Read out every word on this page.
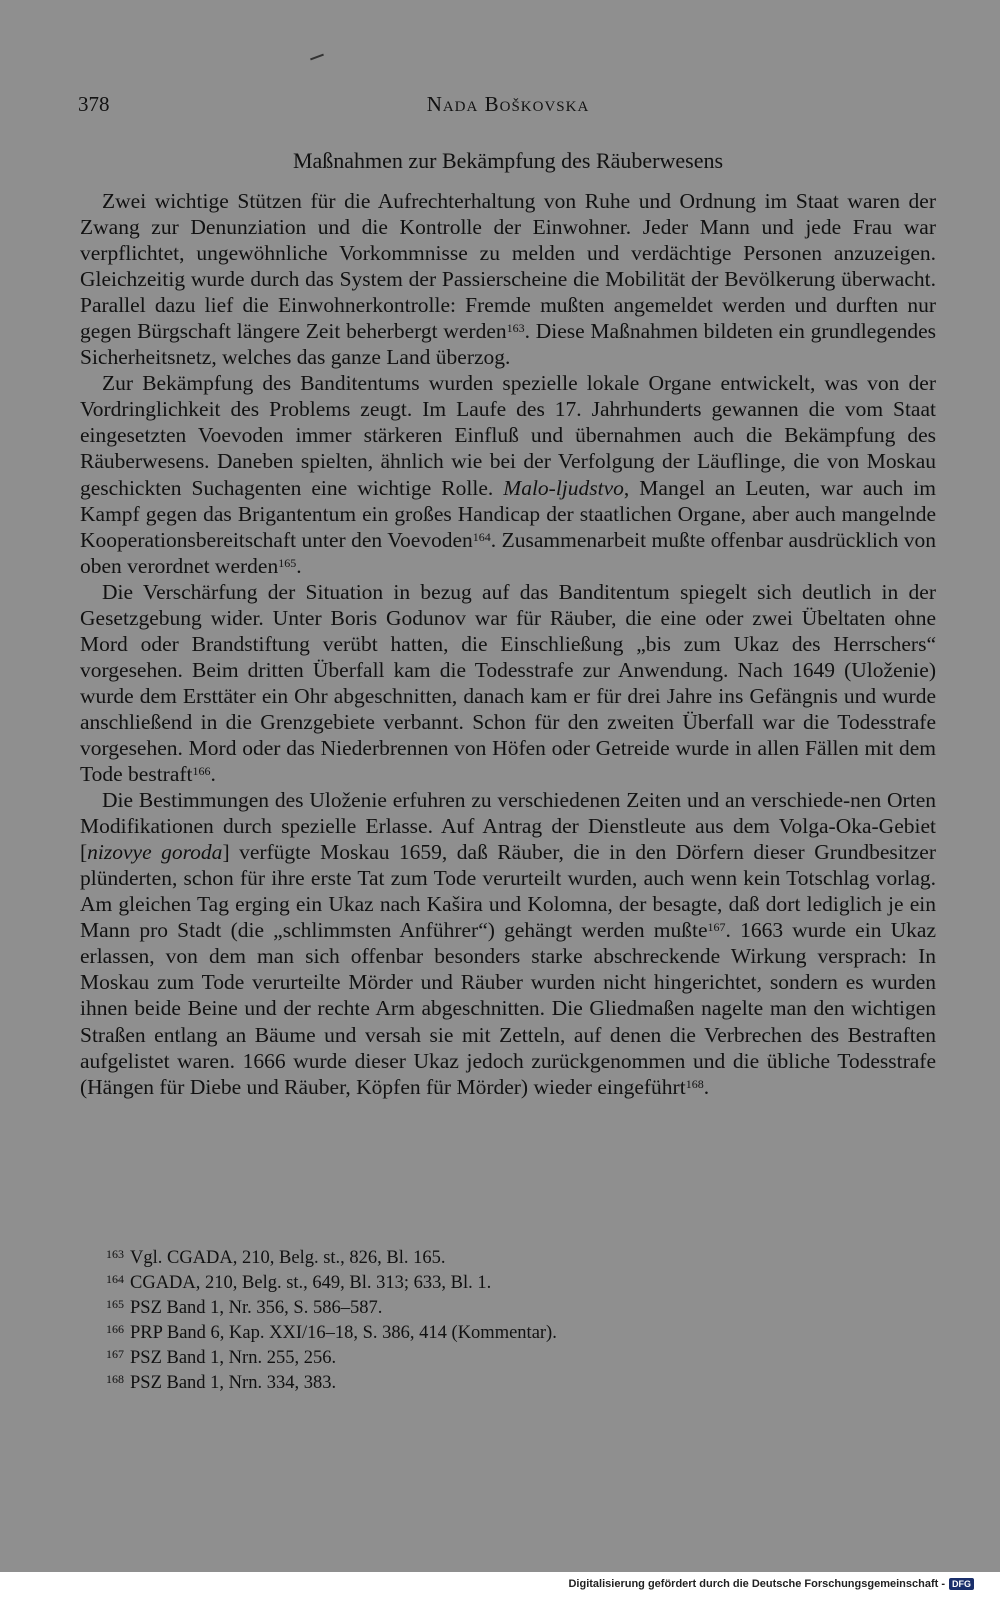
378	Nada Boškovska
Maßnahmen zur Bekämpfung des Räuberwesens

Zwei wichtige Stützen für die Aufrechterhaltung von Ruhe und Ordnung im Staat waren der Zwang zur Denunziation und die Kontrolle der Einwohner. Jeder Mann und jede Frau war verpflichtet, ungewöhnliche Vorkommnisse zu melden und verdächtige Personen anzuzeigen. Gleichzeitig wurde durch das System der Passierscheine die Mobilität der Bevölkerung überwacht. Parallel dazu lief die Einwohnerkontrolle: Fremde mußten angemeldet werden und durften nur gegen Bürgschaft längere Zeit beherbergt werden$^{163}$. Diese Maßnahmen bildeten ein grundlegendes Sicherheitsnetz, welches das ganze Land überzog.

Zur Bekämpfung des Banditentums wurden spezielle lokale Organe entwickelt, was von der Vordringlichkeit des Problems zeugt. Im Laufe des 17. Jahrhunderts gewannen die vom Staat eingesetzten Voevoden immer stärkeren Einfluß und übernahmen auch die Bekämpfung des Räuberwesens. Daneben spielten, ähnlich wie bei der Verfolgung der Läuflinge, die von Moskau geschickten Suchagenten eine wichtige Rolle. Malo-ljudstvo, Mangel an Leuten, war auch im Kampf gegen das Brigantentum ein großes Handicap der staatlichen Organe, aber auch mangelnde Kooperationsbereitschaft unter den Voevoden$^{164}$. Zusammenarbeit mußte offenbar ausdrücklich von oben verordnet werden$^{165}$.

Die Verschärfung der Situation in bezug auf das Banditentum spiegelt sich deutlich in der Gesetzgebung wider. Unter Boris Godunov war für Räuber, die eine oder zwei Übeltaten ohne Mord oder Brandstiftung verübt hatten, die Einschließung „bis zum Ukaz des Herrschers“ vorgesehen. Beim dritten Überfall kam die Todesstrafe zur Anwendung. Nach 1649 (Uloženie) wurde dem Ersttäter ein Ohr abgeschnitten, danach kam er für drei Jahre ins Gefängnis und wurde anschließend in die Grenzgebiete verbannt. Schon für den zweiten Überfall war die Todesstrafe vorgesehen. Mord oder das Niederbrennen von Höfen oder Getreide wurde in allen Fällen mit dem Tode bestraft$^{166}$.

Die Bestimmungen des Uloženie erfuhren zu verschiedenen Zeiten und an verschiede-nen Orten Modifikationen durch spezielle Erlasse. Auf Antrag der Dienstleute aus dem Volga-Oka-Gebiet [nizovye goroda] verfügte Moskau 1659, daß Räuber, die in den Dörfern dieser Grundbesitzer plünderten, schon für ihre erste Tat zum Tode verurteilt wurden, auch wenn kein Totschlag vorlag. Am gleichen Tag erging ein Ukaz nach Kašira und Kolomna, der besagte, daß dort lediglich je ein Mann pro Stadt (die „schlimmsten Anführer“) gehängt werden mußte$^{167}$. 1663 wurde ein Ukaz erlassen, von dem man sich offenbar besonders starke abschreckende Wirkung versprach: In Moskau zum Tode verurteilte Mörder und Räuber wurden nicht hingerichtet, sondern es wurden ihnen beide Beine und der rechte Arm abgeschnitten. Die Gliedmaßen nagelte man den wichtigen Straßen entlang an Bäume und versah sie mit Zetteln, auf denen die Verbrechen des Bestraften aufgelistet waren. 1666 wurde dieser Ukaz jedoch zurückgenommen und die übliche Todesstrafe (Hängen für Diebe und Räuber, Köpfen für Mörder) wieder eingeführt$^{168}$.

$^{163}$ Vgl. CGADA, 210, Belg. st., 826, Bl. 165.
$^{164}$ CGADA, 210, Belg. st., 649, Bl. 313; 633, Bl. 1.
$^{165}$ PSZ Band 1, Nr. 356, S. 586–587.
$^{166}$ PRP Band 6, Kap. XXI/16–18, S. 386, 414 (Kommentar).
$^{167}$ PSZ Band 1, Nrn. 255, 256.
$^{168}$ PSZ Band 1, Nrn. 334, 383.
Digitalisierung gefördert durch die Deutsche Forschungsgemeinschaft - DFG
